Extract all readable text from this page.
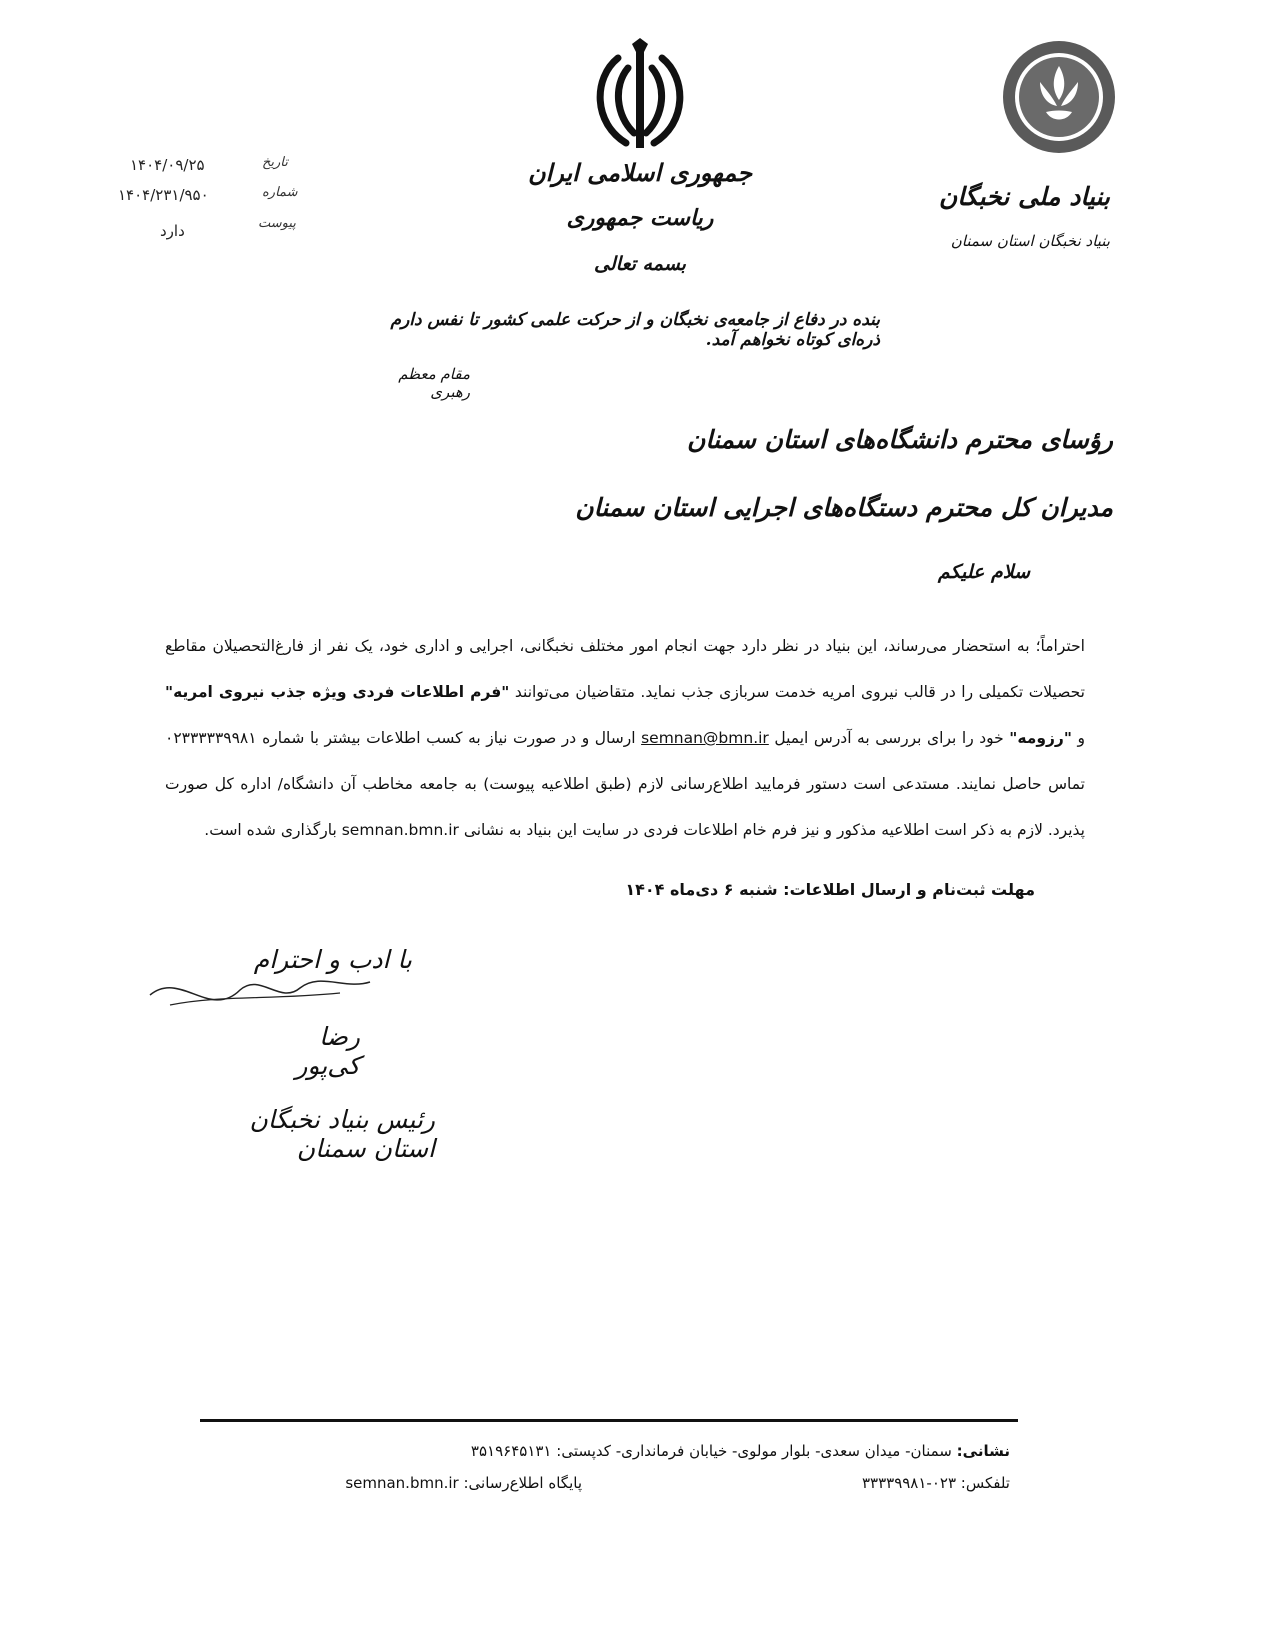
جمهوری اسلامی ایران
ریاست جمهوری
بسمه تعالی
بنیاد ملی نخبگان
بنیاد نخبگان استان سمنان
تاریخ
۱۴۰۴/۰۹/۲۵
شماره
۱۴۰۴/۲۳۱/۹۵۰
پیوست
دارد
بنده در دفاع از جامعه‌ی نخبگان و از حرکت علمی کشور تا نفس دارم ذره‌ای کوتاه نخواهم آمد.
مقام معظم رهبری
رؤسای محترم دانشگاه‌های استان سمنان
مدیران کل محترم دستگاه‌های اجرایی استان سمنان
سلام علیکم
احتراماً؛ به استحضار می‌رساند، این بنیاد در نظر دارد جهت انجام امور مختلف نخبگانی، اجرایی و اداری خود، یک نفر از فارغ‌التحصیلان مقاطع تحصیلات تکمیلی را در قالب نیروی امریه خدمت سربازی جذب نماید. متقاضیان می‌توانند "فرم اطلاعات فردی ویژه جذب نیروی امریه" و "رزومه" خود را برای بررسی به آدرس ایمیل semnan@bmn.ir ارسال و در صورت نیاز به کسب اطلاعات بیشتر با شماره ۰۲۳۳۳۳۳۹۹۸۱ تماس حاصل نمایند. مستدعی است دستور فرمایید اطلاع‌رسانی لازم (طبق اطلاعیه پیوست) به جامعه مخاطب آن دانشگاه/ اداره کل صورت پذیرد. لازم به ذکر است اطلاعیه مذکور و نیز فرم خام اطلاعات فردی در سایت این بنیاد به نشانی semnan.bmn.ir بارگذاری شده است.
مهلت ثبت‌نام و ارسال اطلاعات: شنبه ۶ دی‌ماه ۱۴۰۴
با ادب و احترام
رضا کی‌پور
رئیس بنیاد نخبگان استان سمنان
نشانی: سمنان- میدان سعدی- بلوار مولوی- خیابان فرمانداری- کدپستی: ۳۵۱۹۶۴۵۱۳۱
تلفکس: ۰۲۳-۳۳۳۳۹۹۸۱
پایگاه اطلاع‌رسانی: semnan.bmn.ir
